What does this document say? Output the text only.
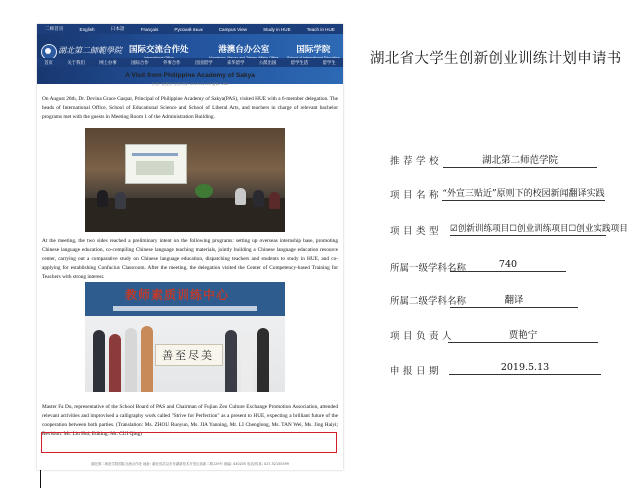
二师首页	English	日本語	Français	Pусский язык	Campus View	Study in HUE	Teach in HUE
湖北第二師範學院 国际交流合作处	港澳台办公室	国际学院
首页	关于我们	网上办事	国际合作	外事合作	出国留学	来华留学	公派出国	留学生活	留学生
A Visit from Philippine Academy of Sakya
作者: 管理员 发布时间: 2019-11-04 阅读: 252
On August 26th, Dr. Devina Grace Gaspar, Principal of Philippine Academy of Sakya(PAS), visited HUE with a 6-member delegation. The heads of International Office, School of Educational Science and School of Liberal Arts, and teachers in charge of relevant bachelor programs met with the guests in Meeting Room 1 of the Administration Building.
At the meeting, the two sides reached a preliminary intent on the following programs: setting up overseas internship base, promoting Chinese language education, co-compiling Chinese language teaching materials, jointly building a Chinese language education resource center, carrying out a comparative study on Chinese language education, dispatching teachers and students to study in HUE, and co-applying for establishing Confucius Classroom. After the meeting, the delegation visited the Center of Competency-based Training for Teachers with strong interest.
教师素质训练中心
善至尽美
Master Fa Du, representative of the School Board of PAS and Chairman of Fujian Zen Culture Exchange Promotion Association, attended relevant activities and improvised a calligraphy work called "Strive for Perfection" as a present to HUE, expecting a brilliant future of the cooperation between both parties. (Translation: Ms. ZHOU Ruoyun, Ms. JIA Yanning, Mr. LI Chenglong, Ms. TAN Wei, Ms. Jing Haiyi; Revision: Mr. Liu Hui; Editing: Mr. CUI Qing)
湖北第二师范学院国际交流合作处 地址: 湖北省武汉市东湖新技术开发区高新二路129号 邮编: 430205 电话/传真: 027-52150399
湖北省大学生创新创业训练计划申请书
推荐学校	湖北第二师范学院
项目名称 “外宣三贴近”原则下的校园新闻翻译实践
项目类型 ☑创新训练项目☐创业训练项目☐创业实践项目
所属一级学科名称	740
所属二级学科名称	翻译
项目负责人	贾艳宁
申报日期	2019.5.13
